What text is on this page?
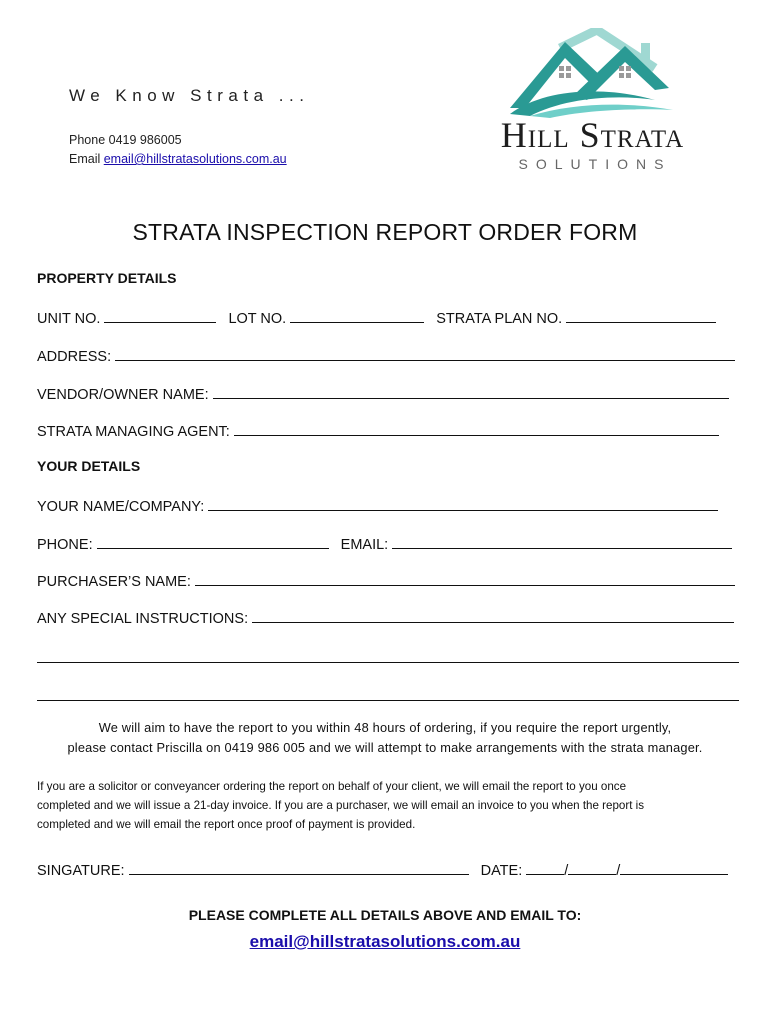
We Know Strata ...
Phone 0419 986005
Email email@hillstratasolutions.com.au
Hill Strata
SOLUTIONS
STRATA INSPECTION REPORT ORDER FORM
PROPERTY DETAILS
UNIT NO.	LOT NO.	STRATA PLAN NO.
ADDRESS:
VENDOR/OWNER NAME:
STRATA MANAGING AGENT:
YOUR DETAILS
YOUR NAME/COMPANY:
PHONE:	EMAIL:
PURCHASER’S NAME:
ANY SPECIAL INSTRUCTIONS:
We will aim to have the report to you within 48 hours of ordering, if you require the report urgently,
please contact Priscilla on 0419 986 005 and we will attempt to make arrangements with the strata manager.
If you are a solicitor or conveyancer ordering the report on behalf of your client, we will email the report to you once
completed and we will issue a 21-day invoice. If you are a purchaser, we will email an invoice to you when the report is
completed and we will email the report once proof of payment is provided.
SINGATURE:	DATE:	/	/
PLEASE COMPLETE ALL DETAILS ABOVE AND EMAIL TO:
email@hillstratasolutions.com.au
